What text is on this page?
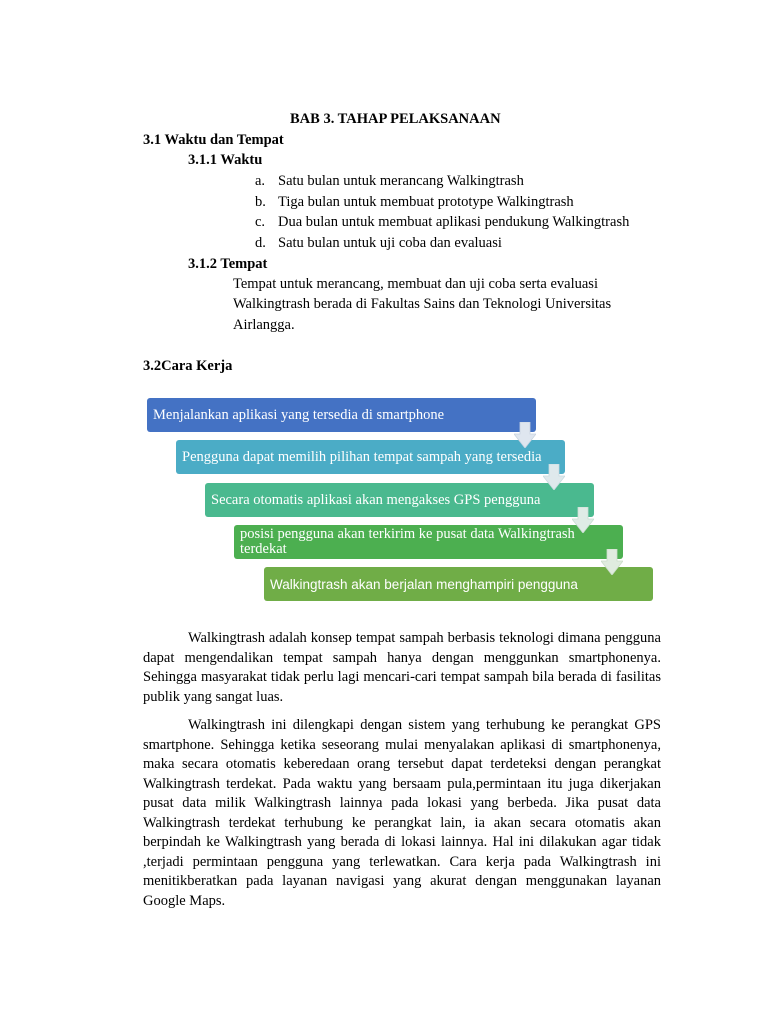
BAB 3. TAHAP PELAKSANAAN
3.1 Waktu dan Tempat
3.1.1 Waktu
a. Satu bulan untuk merancang Walkingtrash
b. Tiga bulan untuk membuat prototype Walkingtrash
c. Dua bulan untuk membuat aplikasi pendukung Walkingtrash
d. Satu bulan untuk uji coba dan evaluasi
3.1.2 Tempat
Tempat untuk merancang, membuat dan uji coba serta evaluasi
Walkingtrash berada di Fakultas Sains dan Teknologi Universitas
Airlangga.
3.2Cara Kerja
Menjalankan aplikasi yang tersedia di smartphone
Pengguna dapat memilih pilihan tempat sampah yang tersedia
Secara otomatis aplikasi akan mengakses GPS pengguna
posisi pengguna akan terkirim ke pusat data Walkingtrash terdekat
Walkingtrash akan berjalan menghampiri pengguna
Walkingtrash adalah konsep tempat sampah berbasis teknologi dimana pengguna dapat mengendalikan tempat sampah hanya dengan menggunkan smartphonenya. Sehingga masyarakat tidak perlu lagi mencari-cari tempat sampah bila berada di fasilitas publik yang sangat luas.
Walkingtrash ini dilengkapi dengan sistem yang terhubung ke perangkat GPS smartphone. Sehingga ketika seseorang mulai menyalakan aplikasi di smartphonenya, maka secara otomatis keberedaan orang tersebut dapat terdeteksi dengan perangkat Walkingtrash terdekat. Pada waktu yang bersaam pula,permintaan itu juga dikerjakan pusat data milik Walkingtrash lainnya pada lokasi yang berbeda. Jika pusat data Walkingtrash terdekat terhubung ke perangkat lain, ia akan secara otomatis akan berpindah ke Walkingtrash yang berada di lokasi lainnya. Hal ini dilakukan agar tidak ,terjadi permintaan pengguna yang terlewatkan. Cara kerja pada Walkingtrash ini menitikberatkan pada layanan navigasi yang akurat dengan menggunakan layanan Google Maps.
